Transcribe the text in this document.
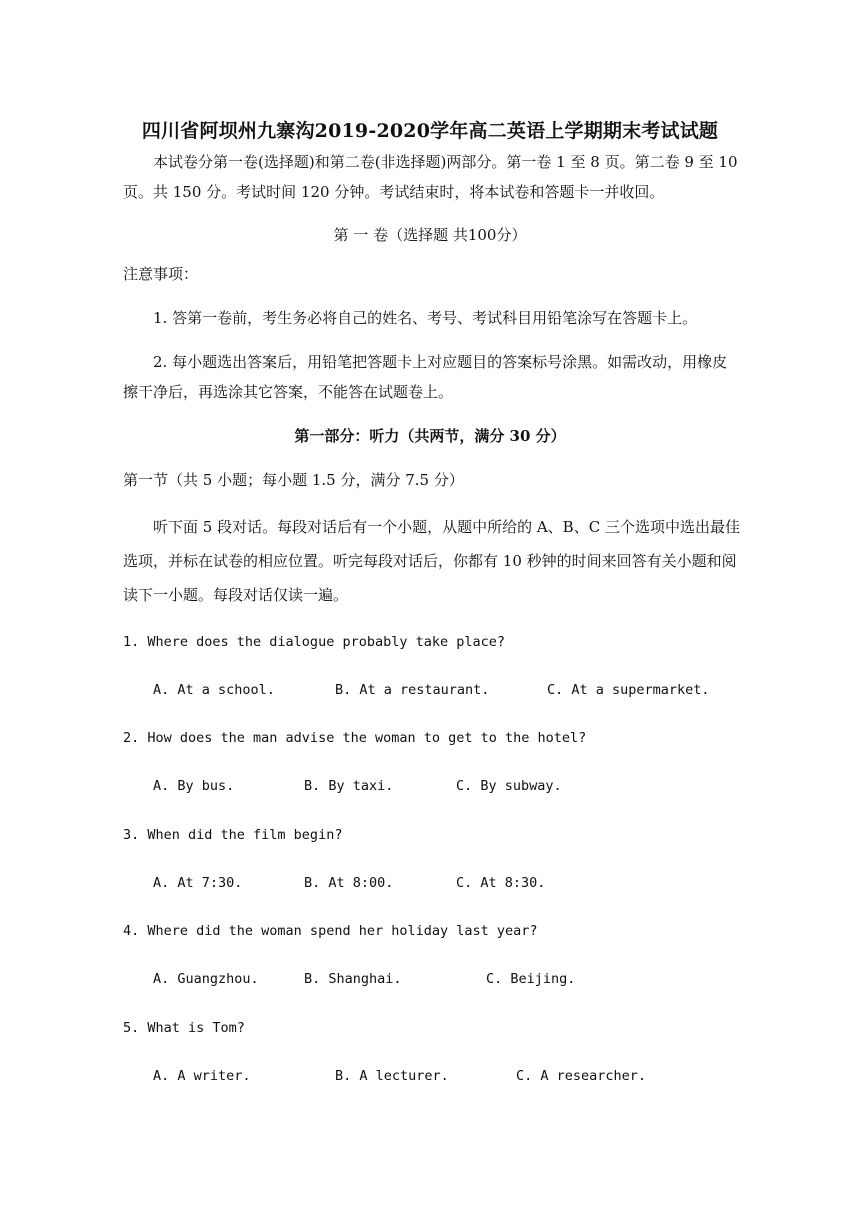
四川省阿坝州九寨沟2019-2020学年高二英语上学期期末考试试题
本试卷分第一卷(选择题)和第二卷(非选择题)两部分。第一卷 1 至 8 页。第二卷 9 至 10
页。共 150 分。考试时间 120 分钟。考试结束时，将本试卷和答题卡一并收回。
第 一 卷（选择题 共100分）
注意事项：
1. 答第一卷前，考生务必将自己的姓名、考号、考试科目用铅笔涂写在答题卡上。
2. 每小题选出答案后，用铅笔把答题卡上对应题目的答案标号涂黑。如需改动，用橡皮
擦干净后，再选涂其它答案，不能答在试题卷上。
第一部分：听力（共两节，满分 30 分）
第一节（共 5 小题；每小题 1.5 分，满分 7.5 分）
听下面 5 段对话。每段对话后有一个小题，从题中所给的 A、B、C 三个选项中选出最佳
选项，并标在试卷的相应位置。听完每段对话后，你都有 10 秒钟的时间来回答有关小题和阅
读下一小题。每段对话仅读一遍。
1. Where does the dialogue probably take place?
A. At a school.	B. At a restaurant.	C. At a supermarket.
2. How does the man advise the woman to get to the hotel?
A. By bus.	B. By taxi.	C. By subway.
3. When did the film begin?
A. At 7:30.	B. At 8:00.	C. At 8:30.
4. Where did the woman spend her holiday last year?
A. Guangzhou.	B. Shanghai.	C. Beijing.
5. What is Tom?
A. A writer.	B. A lecturer.	C. A researcher.
